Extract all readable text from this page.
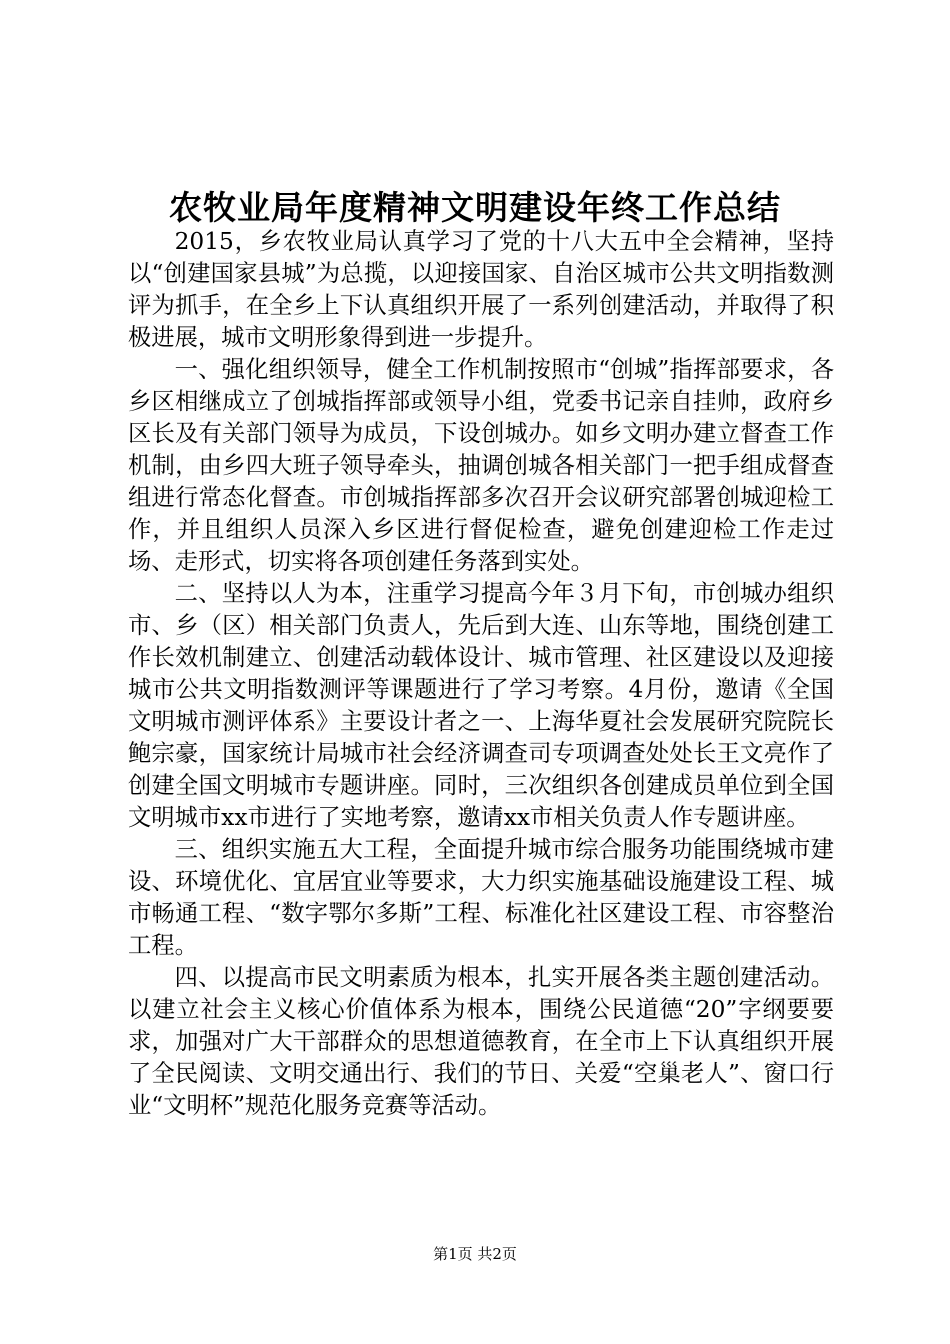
农牧业局年度精神文明建设年终工作总结

2015，乡农牧业局认真学习了党的十八大五中全会精神，坚持以“创建国家县城”为总揽，以迎接国家、自治区城市公共文明指数测评为抓手，在全乡上下认真组织开展了一系列创建活动，并取得了积极进展，城市文明形象得到进一步提升。

一、强化组织领导，健全工作机制按照市“创城”指挥部要求，各乡区相继成立了创城指挥部或领导小组，党委书记亲自挂帅，政府乡区长及有关部门领导为成员，下设创城办。如乡文明办建立督查工作机制，由乡四大班子领导牵头，抽调创城各相关部门一把手组成督查组进行常态化督查。市创城指挥部多次召开会议研究部署创城迎检工作，并且组织人员深入乡区进行督促检查，避免创建迎检工作走过场、走形式，切实将各项创建任务落到实处。

二、坚持以人为本，注重学习提高今年３月下旬，市创城办组织市、乡（区）相关部门负责人，先后到大连、山东等地，围绕创建工作长效机制建立、创建活动载体设计、城市管理、社区建设以及迎接城市公共文明指数测评等课题进行了学习考察。4月份，邀请《全国文明城市测评体系》主要设计者之一、上海华夏社会发展研究院院长鲍宗豪，国家统计局城市社会经济调查司专项调查处处长王文亮作了创建全国文明城市专题讲座。同时，三次组织各创建成员单位到全国文明城市xx市进行了实地考察，邀请xx市相关负责人作专题讲座。

三、组织实施五大工程，全面提升城市综合服务功能围绕城市建设、环境优化、宜居宜业等要求，大力织实施基础设施建设工程、城市畅通工程、“数字鄂尔多斯”工程、标准化社区建设工程、市容整治工程。

四、以提高市民文明素质为根本，扎实开展各类主题创建活动。以建立社会主义核心价值体系为根本，围绕公民道德“20”字纲要要求，加强对广大干部群众的思想道德教育，在全市上下认真组织开展了全民阅读、文明交通出行、我们的节日、关爱“空巢老人”、窗口行业“文明杯”规范化服务竞赛等活动。

第1页 共2页
